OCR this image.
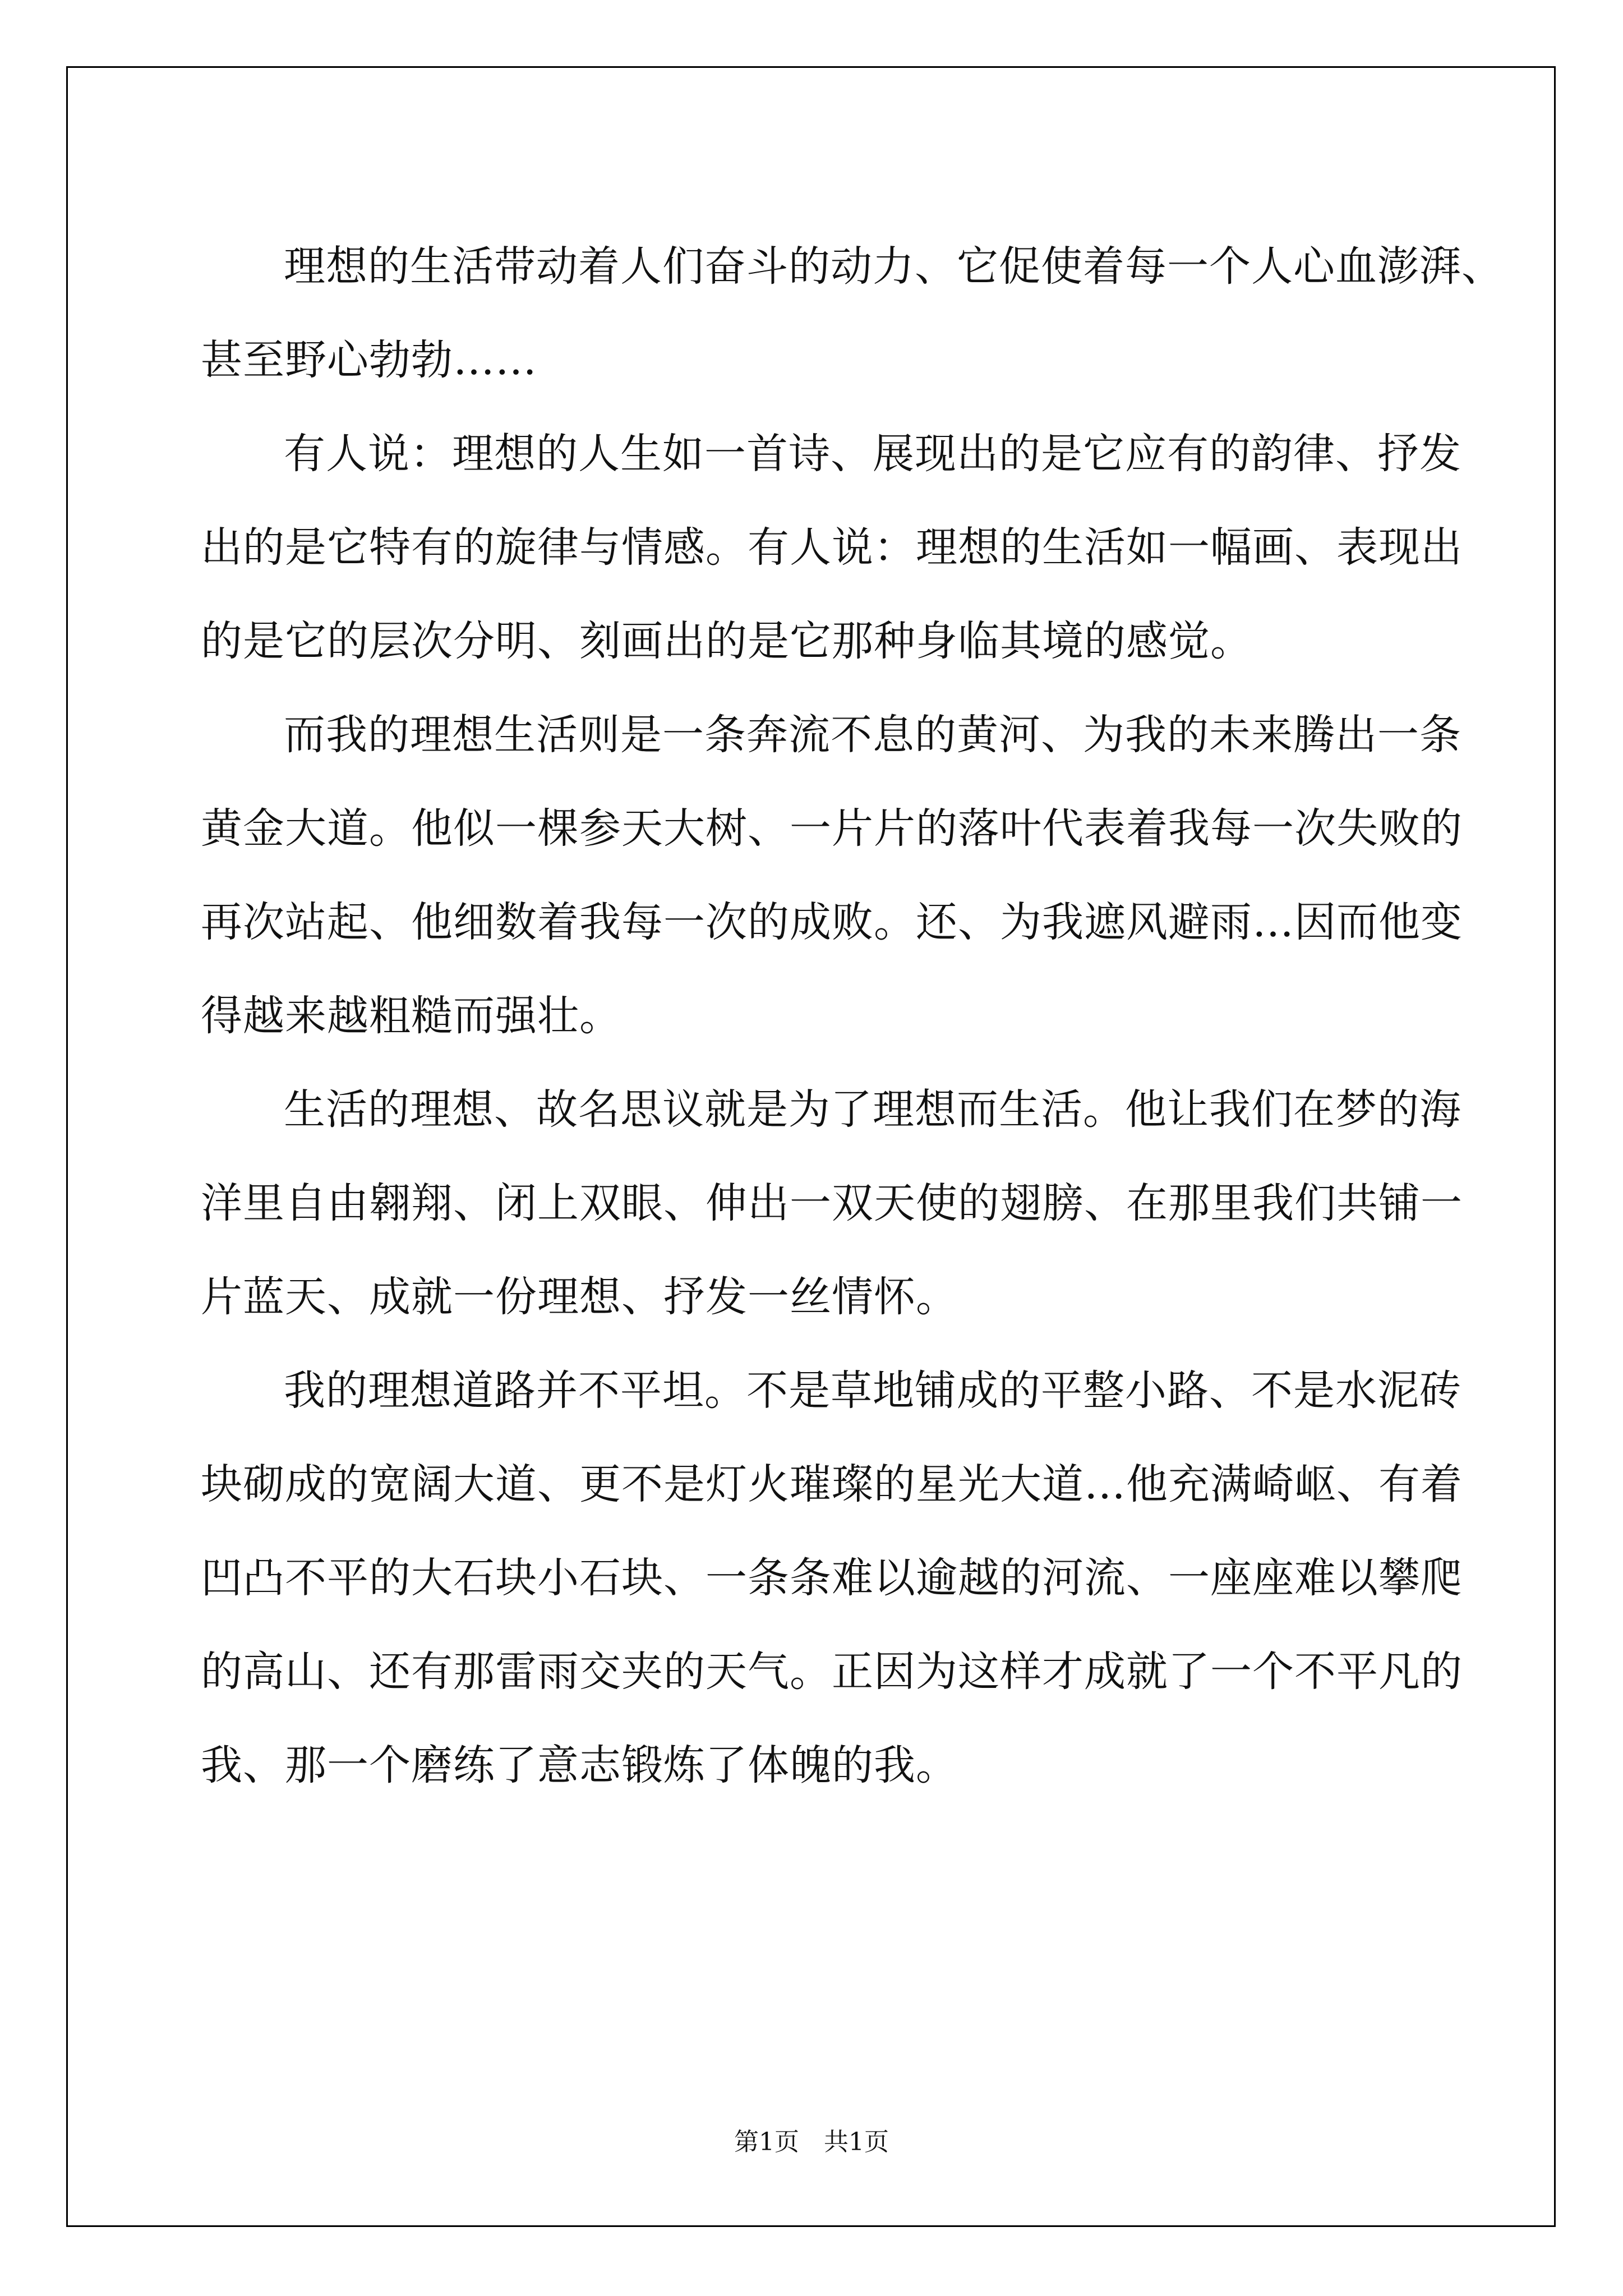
理想的生活带动着人们奋斗的动力、它促使着每一个人心血澎湃、
甚至野心勃勃……
有人说：理想的人生如一首诗、展现出的是它应有的韵律、抒发
出的是它特有的旋律与情感。有人说：理想的生活如一幅画、表现出
的是它的层次分明、刻画出的是它那种身临其境的感觉。
而我的理想生活则是一条奔流不息的黄河、为我的未来腾出一条
黄金大道。他似一棵参天大树、一片片的落叶代表着我每一次失败的
再次站起、他细数着我每一次的成败。还、为我遮风避雨…因而他变
得越来越粗糙而强壮。
生活的理想、故名思议就是为了理想而生活。他让我们在梦的海
洋里自由翱翔、闭上双眼、伸出一双天使的翅膀、在那里我们共铺一
片蓝天、成就一份理想、抒发一丝情怀。
我的理想道路并不平坦。不是草地铺成的平整小路、不是水泥砖
块砌成的宽阔大道、更不是灯火璀璨的星光大道…他充满崎岖、有着
凹凸不平的大石块小石块、一条条难以逾越的河流、一座座难以攀爬
的高山、还有那雷雨交夹的天气。正因为这样才成就了一个不平凡的
我、那一个磨练了意志锻炼了体魄的我。
第1页　共1页
